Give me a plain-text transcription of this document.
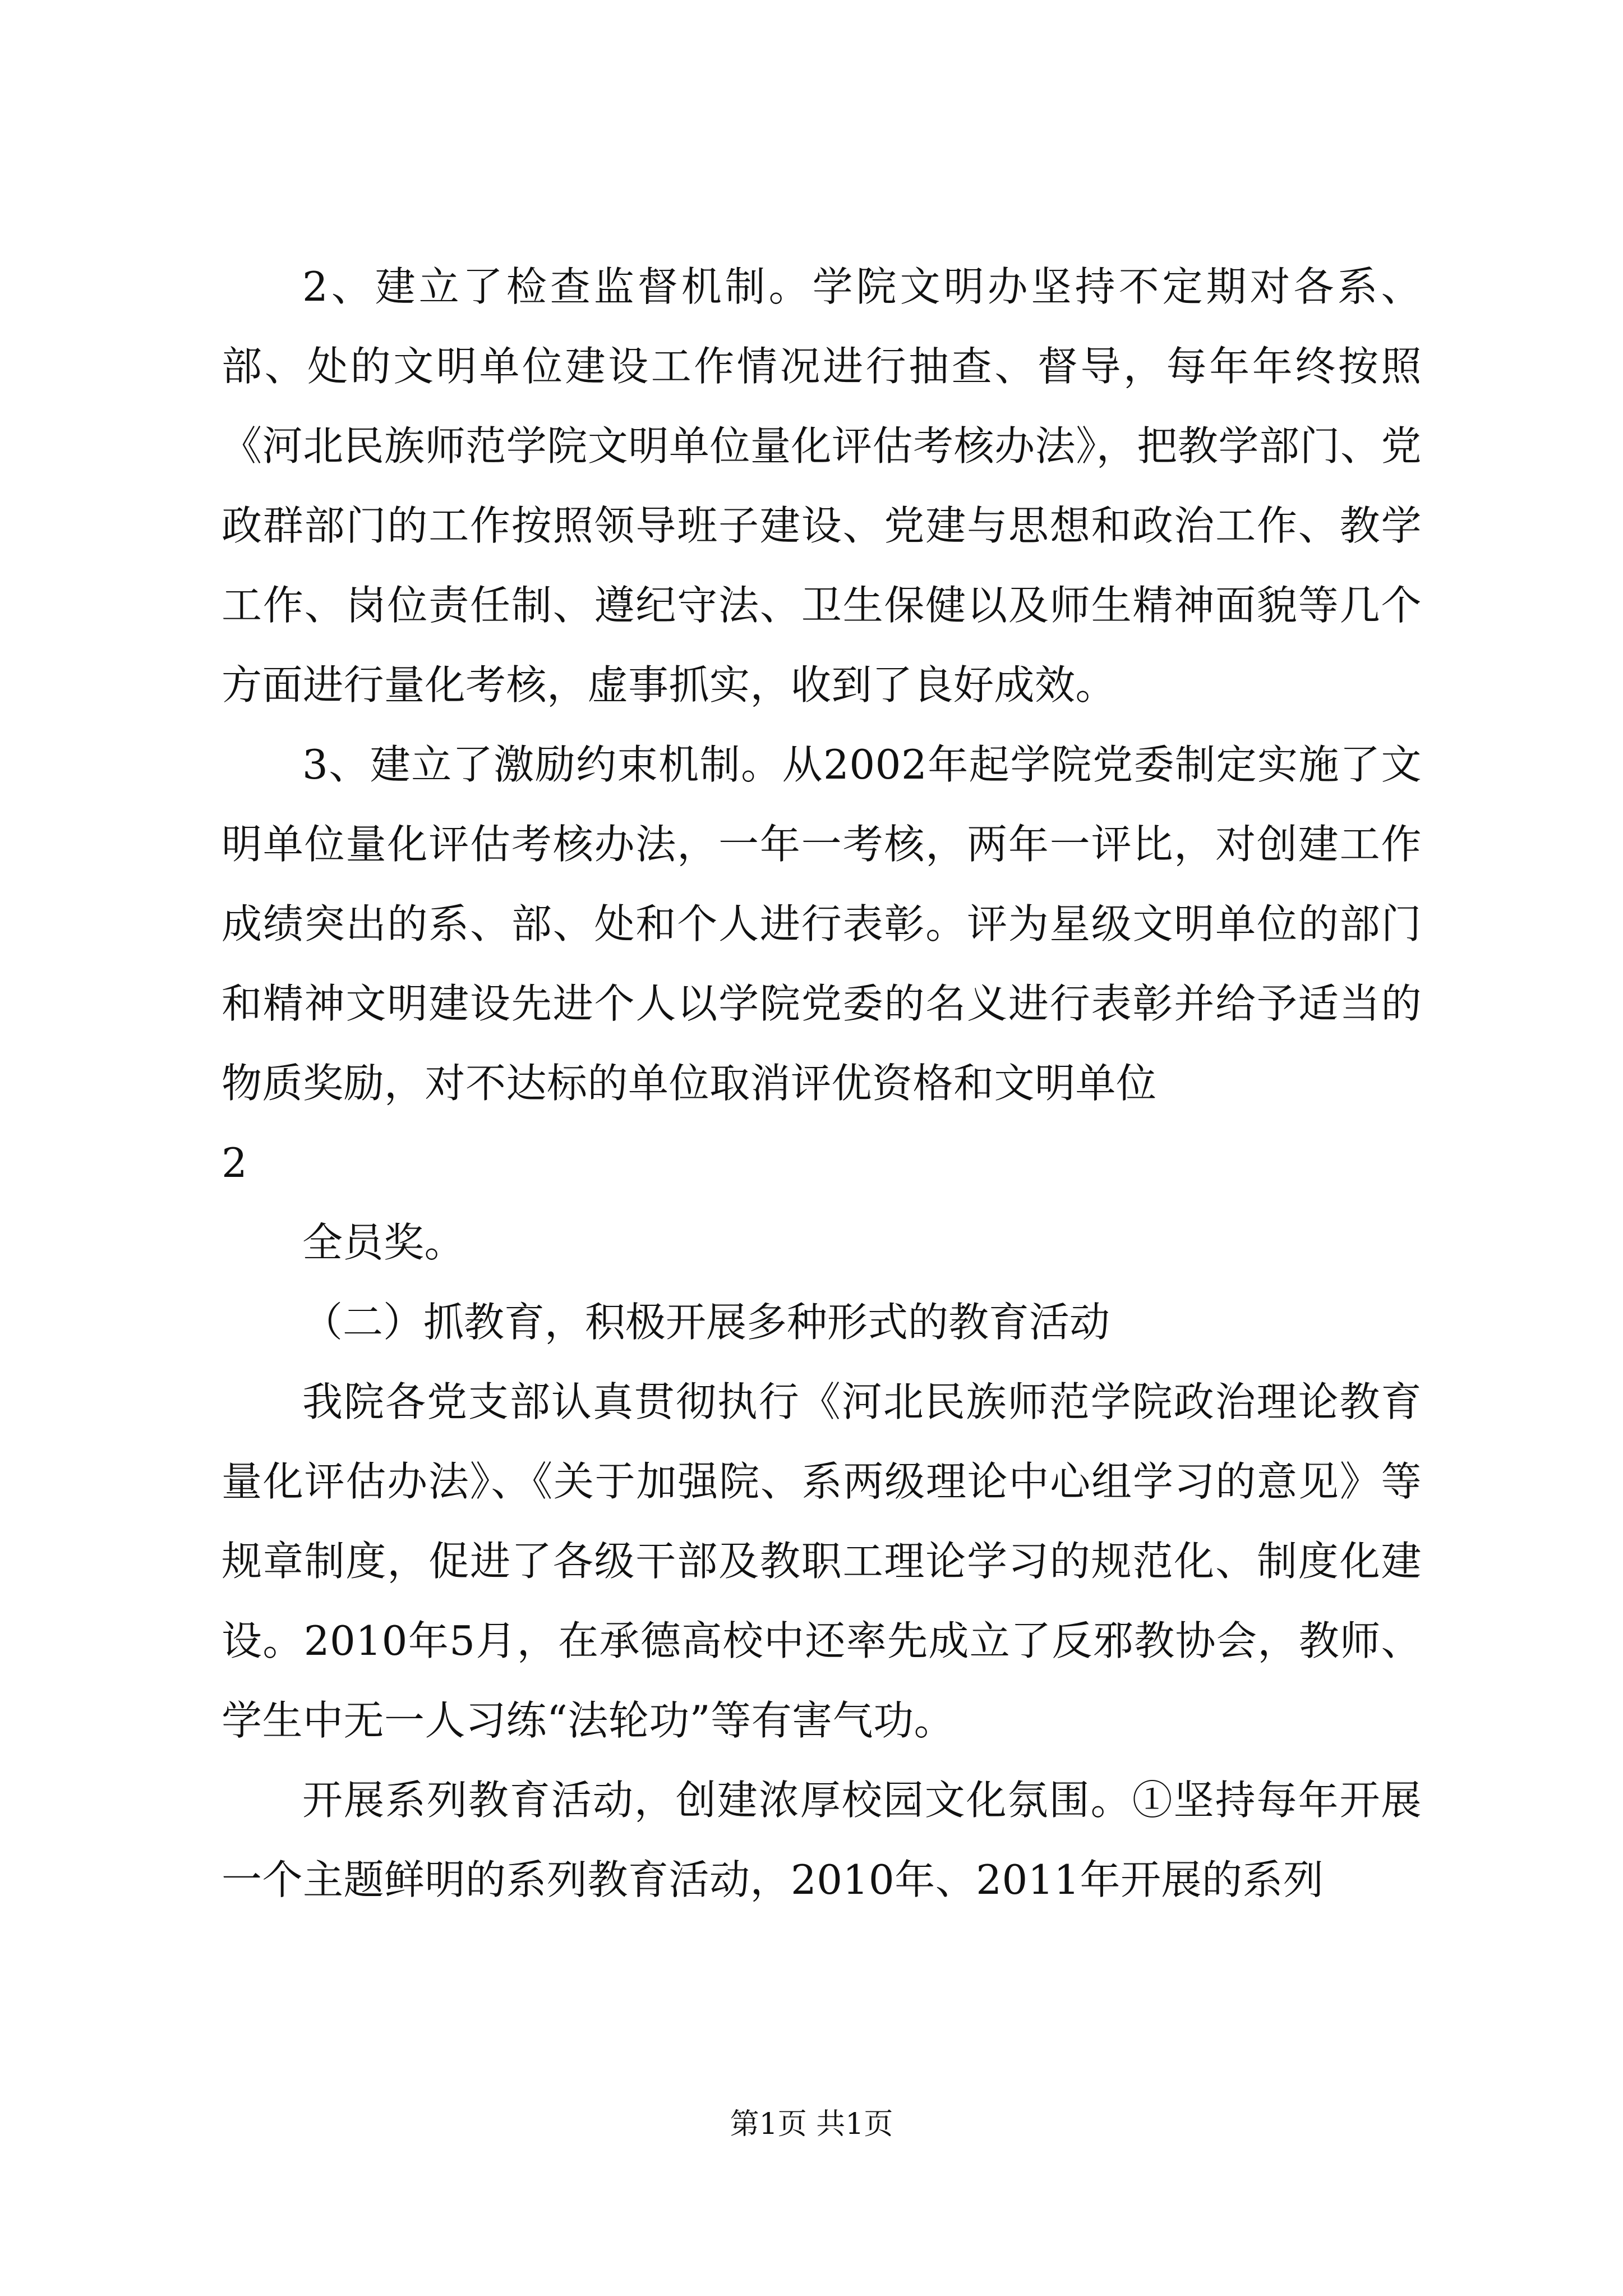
2、建立了检查监督机制。学院文明办坚持不定期对各系、部、处的文明单位建设工作情况进行抽查、督导，每年年终按照《河北民族师范学院文明单位量化评估考核办法》，把教学部门、党政群部门的工作按照领导班子建设、党建与思想和政治工作、教学工作、岗位责任制、遵纪守法、卫生保健以及师生精神面貌等几个方面进行量化考核，虚事抓实，收到了良好成效。

3、建立了激励约束机制。从2002年起学院党委制定实施了文明单位量化评估考核办法，一年一考核，两年一评比，对创建工作成绩突出的系、部、处和个人进行表彰。评为星级文明单位的部门和精神文明建设先进个人以学院党委的名义进行表彰并给予适当的物质奖励，对不达标的单位取消评优资格和文明单位

2

全员奖。

（二）抓教育，积极开展多种形式的教育活动

我院各党支部认真贯彻执行《河北民族师范学院政治理论教育量化评估办法》、《关于加强院、系两级理论中心组学习的意见》等规章制度，促进了各级干部及教职工理论学习的规范化、制度化建设。2010年5月，在承德高校中还率先成立了反邪教协会，教师、学生中无一人习练“法轮功”等有害气功。

开展系列教育活动，创建浓厚校园文化氛围。①坚持每年开展一个主题鲜明的系列教育活动，2010年、2011年开展的系列

第1页 共1页
